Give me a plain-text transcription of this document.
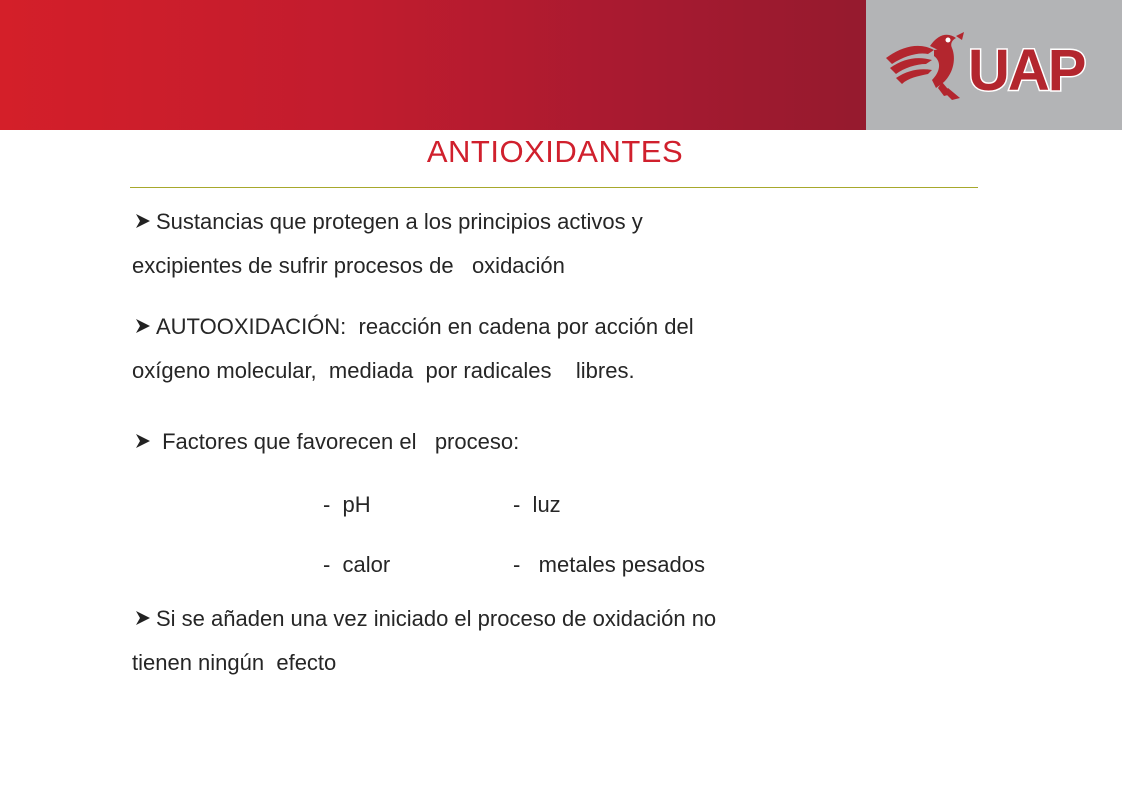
UAP
ANTIOXIDANTES
Sustancias que protegen a los principios activos y
excipientes de sufrir procesos de   oxidación
AUTOOXIDACIÓN:  reacción en cadena por acción del
oxígeno molecular,  mediada  por radicales    libres.
Factores que favorecen el   proceso:
-  pH	-  luz
-  calor	-   metales pesados
Si se añaden una vez iniciado el proceso de oxidación no
tienen ningún  efecto
